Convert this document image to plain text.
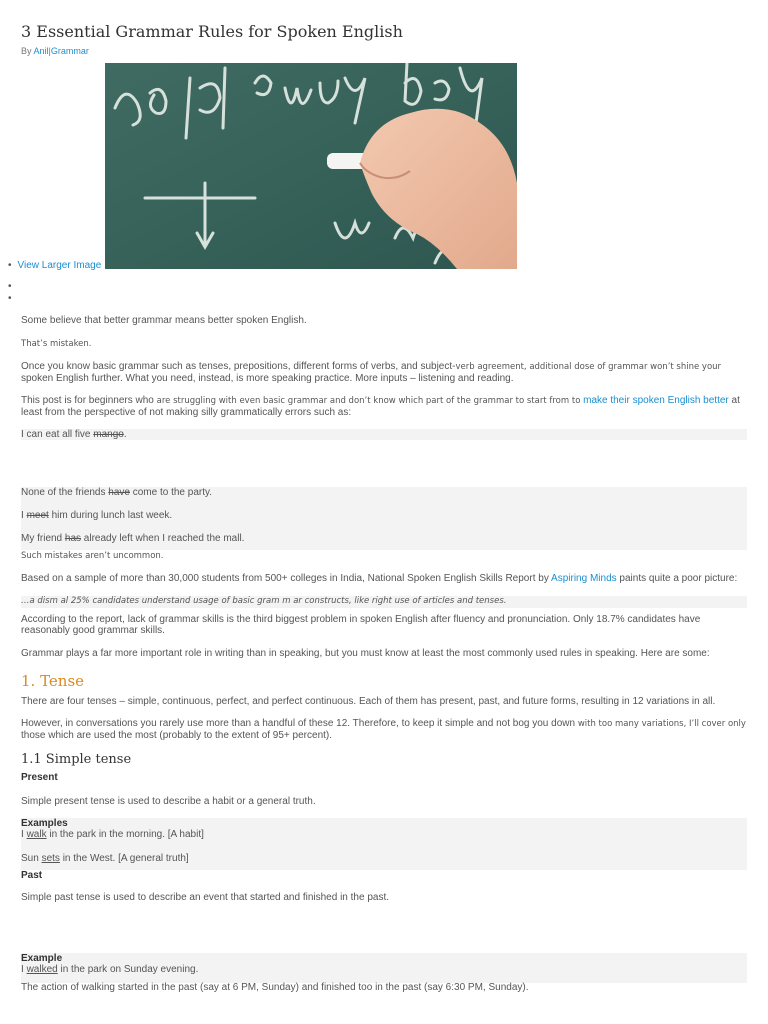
3 Essential Grammar Rules for Spoken English
By Anil|Grammar
• View Larger Image
•
•
Some believe that better grammar means better spoken English.
That’s mistaken.
Once you know basic grammar such as tenses, prepositions, different forms of verbs, and subject-verb agreement, additional dose of grammar won’t shine your
spoken English further. What you need, instead, is more speaking practice. More inputs – listening and reading.
This post is for beginners who are struggling with even basic grammar and don’t know which part of the grammar to start from to make their spoken English better at
least from the perspective of not making silly grammatically errors such as:
I can eat all five mango.
None of the friends have come to the party.
I meet him during lunch last week.
My friend has already left when I reached the mall.
Such mistakes aren’t uncommon.
Based on a sample of more than 30,000 students from 500+ colleges in India, National Spoken English Skills Report by Aspiring Minds paints quite a poor picture:
…a dism al 25% candidates understand usage of basic gram m ar constructs, like right use of articles and tenses.
According to the report, lack of grammar skills is the third biggest problem in spoken English after fluency and pronunciation. Only 18.7% candidates have reasonably good grammar skills.
Grammar plays a far more important role in writing than in speaking, but you must know at least the most commonly used rules in speaking. Here are some:
1. Tense
There are four tenses – simple, continuous, perfect, and perfect continuous. Each of them has present, past, and future forms, resulting in 12 variations in all.
However, in conversations you rarely use more than a handful of these 12. Therefore, to keep it simple and not bog you down with too many variations, I’ll cover only
those which are used the most (probably to the extent of 95+ percent).
1.1 Simple tense
Present
Simple present tense is used to describe a habit or a general truth.
Examples
I walk in the park in the morning. [A habit]
Sun sets in the West. [A general truth]
Past
Simple past tense is used to describe an event that started and finished in the past.
Example
I walked in the park on Sunday evening.
The action of walking started in the past (say at 6 PM, Sunday) and finished too in the past (say 6:30 PM, Sunday).
